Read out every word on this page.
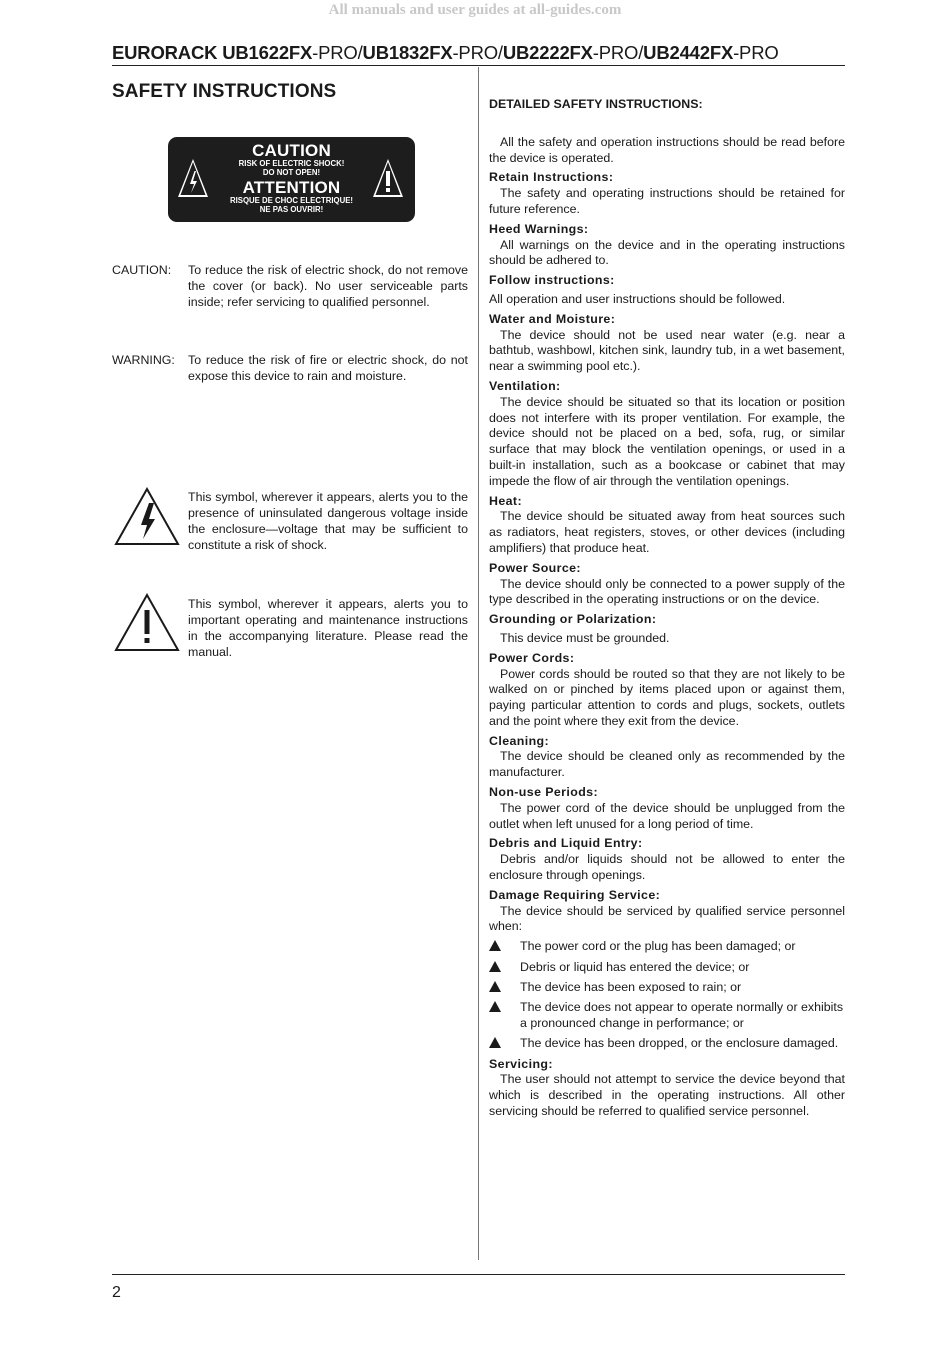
All manuals and user guides at all-guides.com
EURORACK UB1622FX-PRO/UB1832FX-PRO/UB2222FX-PRO/UB2442FX-PRO
SAFETY INSTRUCTIONS
CAUTION
RISK OF ELECTRIC SHOCK!
DO NOT OPEN!
ATTENTION
RISQUE DE CHOC ELECTRIQUE!
NE PAS OUVRIR!
CAUTION: To reduce the risk of electric shock, do not remove the cover (or back). No user serviceable parts inside; refer servicing to qualified personnel.
WARNING: To reduce the risk of fire or electric shock, do not expose this device to rain and moisture.
This symbol, wherever it appears, alerts you to the presence of uninsulated dangerous voltage inside the enclosure—voltage that may be sufficient to constitute a risk of shock.
This symbol, wherever it appears, alerts you to important operating and maintenance instructions in the accompanying literature. Please read the manual.
DETAILED SAFETY INSTRUCTIONS:

All the safety and operation instructions should be read before the device is operated.

Retain Instructions:

The safety and operating instructions should be retained for future reference.

Heed Warnings:

All warnings on the device and in the operating instructions should be adhered to.

Follow instructions:

All operation and user instructions should be followed.

Water and Moisture:

The device should not be used near water (e.g. near a bathtub, washbowl, kitchen sink, laundry tub, in a wet basement, near a swimming pool etc.).

Ventilation:

The device should be situated so that its location or position does not interfere with its proper ventilation. For example, the device should not be placed on a bed, sofa, rug, or similar surface that may block the ventilation openings, or used in a built-in installation, such as a bookcase or cabinet that may impede the flow of air through the ventilation openings.

Heat:

The device should be situated away from heat sources such as radiators, heat registers, stoves, or other devices (including amplifiers) that produce heat.

Power Source:

The device should only be connected to a power supply of the type described in the operating instructions or on the device.

Grounding or Polarization:

This device must be grounded.

Power Cords:

Power cords should be routed so that they are not likely to be walked on or pinched by items placed upon or against them, paying particular attention to cords and plugs, sockets, outlets and the point where they exit from the device.

Cleaning:

The device should be cleaned only as recommended by the manufacturer.

Non-use Periods:

The power cord of the device should be unplugged from the outlet when left unused for a long period of time.

Debris and Liquid Entry:

Debris and/or liquids should not be allowed to enter the enclosure through openings.

Damage Requiring Service:

The device should be serviced by qualified service personnel when:

The power cord or the plug has been damaged; or
Debris or liquid has entered the device; or
The device has been exposed to rain; or
The device does not appear to operate normally or exhibits a pronounced change in performance; or
The device has been dropped, or the enclosure damaged.

Servicing:

The user should not attempt to service the device beyond that which is described in the operating instructions. All other servicing should be referred to qualified service personnel.

2
